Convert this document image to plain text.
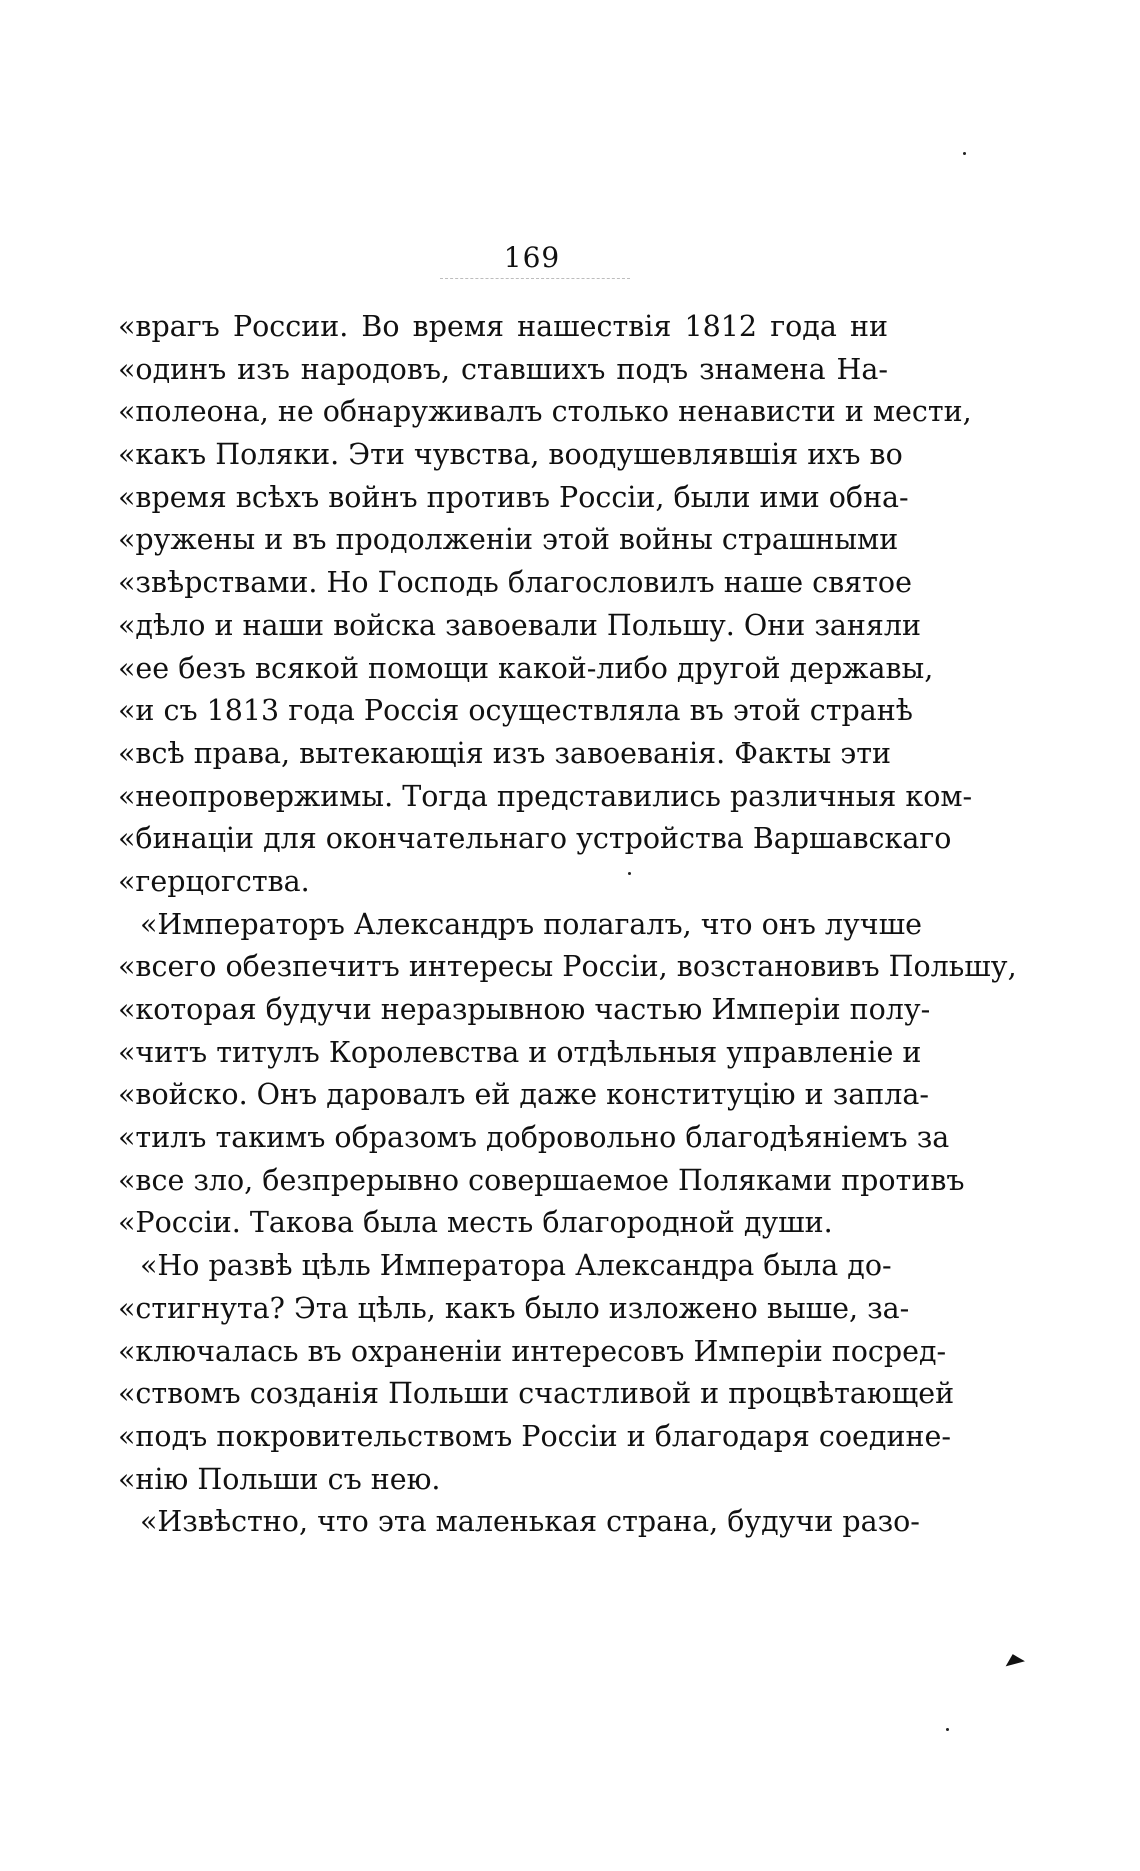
169
«врагъ России. Во время нашествія 1812 года ни
«одинъ изъ народовъ, ставшихъ подъ знамена На-
«полеона, не обнаруживалъ столько ненависти и мести,
«какъ Поляки. Эти чувства, воодушевлявшія ихъ во
«время всѣхъ войнъ противъ Россіи, были ими обна-
«ружены и въ продолженіи этой войны страшными
«звѣрствами. Но Господь благословилъ наше святое
«дѣло и наши войска завоевали Польшу. Они заняли
«ее безъ всякой помощи какой-либо другой державы,
«и съ 1813 года Россія осуществляла въ этой странѣ
«всѣ права, вытекающія изъ завоеванія. Факты эти
«неопровержимы. Тогда представились различныя ком-
«бинаціи для окончательнаго устройства Варшавскаго
«герцогства.
«Императоръ Александръ полагалъ, что онъ лучше
«всего обезпечитъ интересы Россіи, возстановивъ Польшу,
«которая будучи неразрывною частью Имперіи полу-
«читъ титулъ Королевства и отдѣльныя управленіе и
«войско. Онъ даровалъ ей даже конституцію и запла-
«тилъ такимъ образомъ добровольно благодѣяніемъ за
«все зло, безпрерывно совершаемое Поляками противъ
«Россіи. Такова была месть благородной души.
«Но развѣ цѣль Императора Александра была до-
«стигнута? Эта цѣль, какъ было изложено выше, за-
«ключалась въ охраненіи интересовъ Имперіи посред-
«ствомъ созданія Польши счастливой и процвѣтающей
«подъ покровительствомъ Россіи и благодаря соедине-
«нію Польши съ нею.
«Извѣстно, что эта маленькая страна, будучи разо-
